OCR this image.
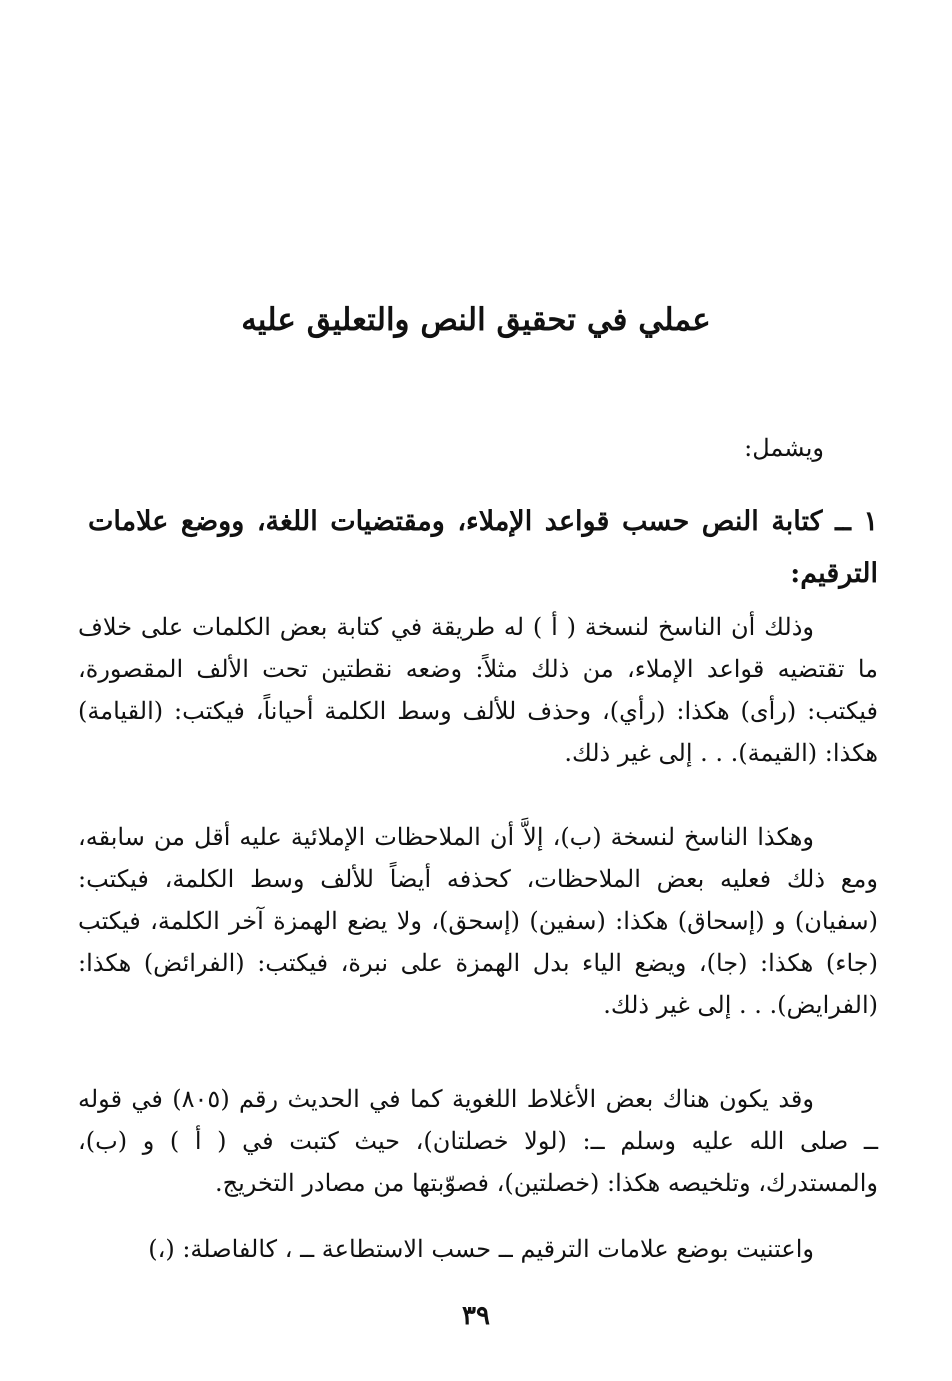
عملي في تحقيق النص والتعليق عليه

ويشمل:

١ ــ كتابة النص حسب قواعد الإملاء، ومقتضيات اللغة، ووضع علامات الترقيم:

وذلك أن الناسخ لنسخة ( أ ) له طريقة في كتابة بعض الكلمات على خلاف ما تقتضيه قواعد الإملاء، من ذلك مثلاً: وضعه نقطتين تحت الألف المقصورة، فيكتب: (رأى) هكذا: (رأي)، وحذف للألف وسط الكلمة أحياناً، فيكتب: (القيامة) هكذا: (القيمة). . . إلى غير ذلك.

وهكذا الناسخ لنسخة (ب)، إلاَّ أن الملاحظات الإملائية عليه أقل من سابقه، ومع ذلك فعليه بعض الملاحظات، كحذفه أيضاً للألف وسط الكلمة، فيكتب: (سفيان) و (إسحاق) هكذا: (سفين) (إسحق)، ولا يضع الهمزة آخر الكلمة، فيكتب (جاء) هكذا: (جا)، ويضع الياء بدل الهمزة على نبرة، فيكتب: (الفرائض) هكذا: (الفرايض). . . إلى غير ذلك.

وقد يكون هناك بعض الأغلاط اللغوية كما في الحديث رقم (٨٠٥) في قوله ــ صلى الله عليه وسلم ــ: (لولا خصلتان)، حيث كتبت في ( أ ) و (ب)، والمستدرك، وتلخيصه هكذا: (خصلتين)، فصوّبتها من مصادر التخريج.

واعتنيت بوضع علامات الترقيم ــ حسب الاستطاعة ــ ، كالفاصلة: (،)

٣٩
